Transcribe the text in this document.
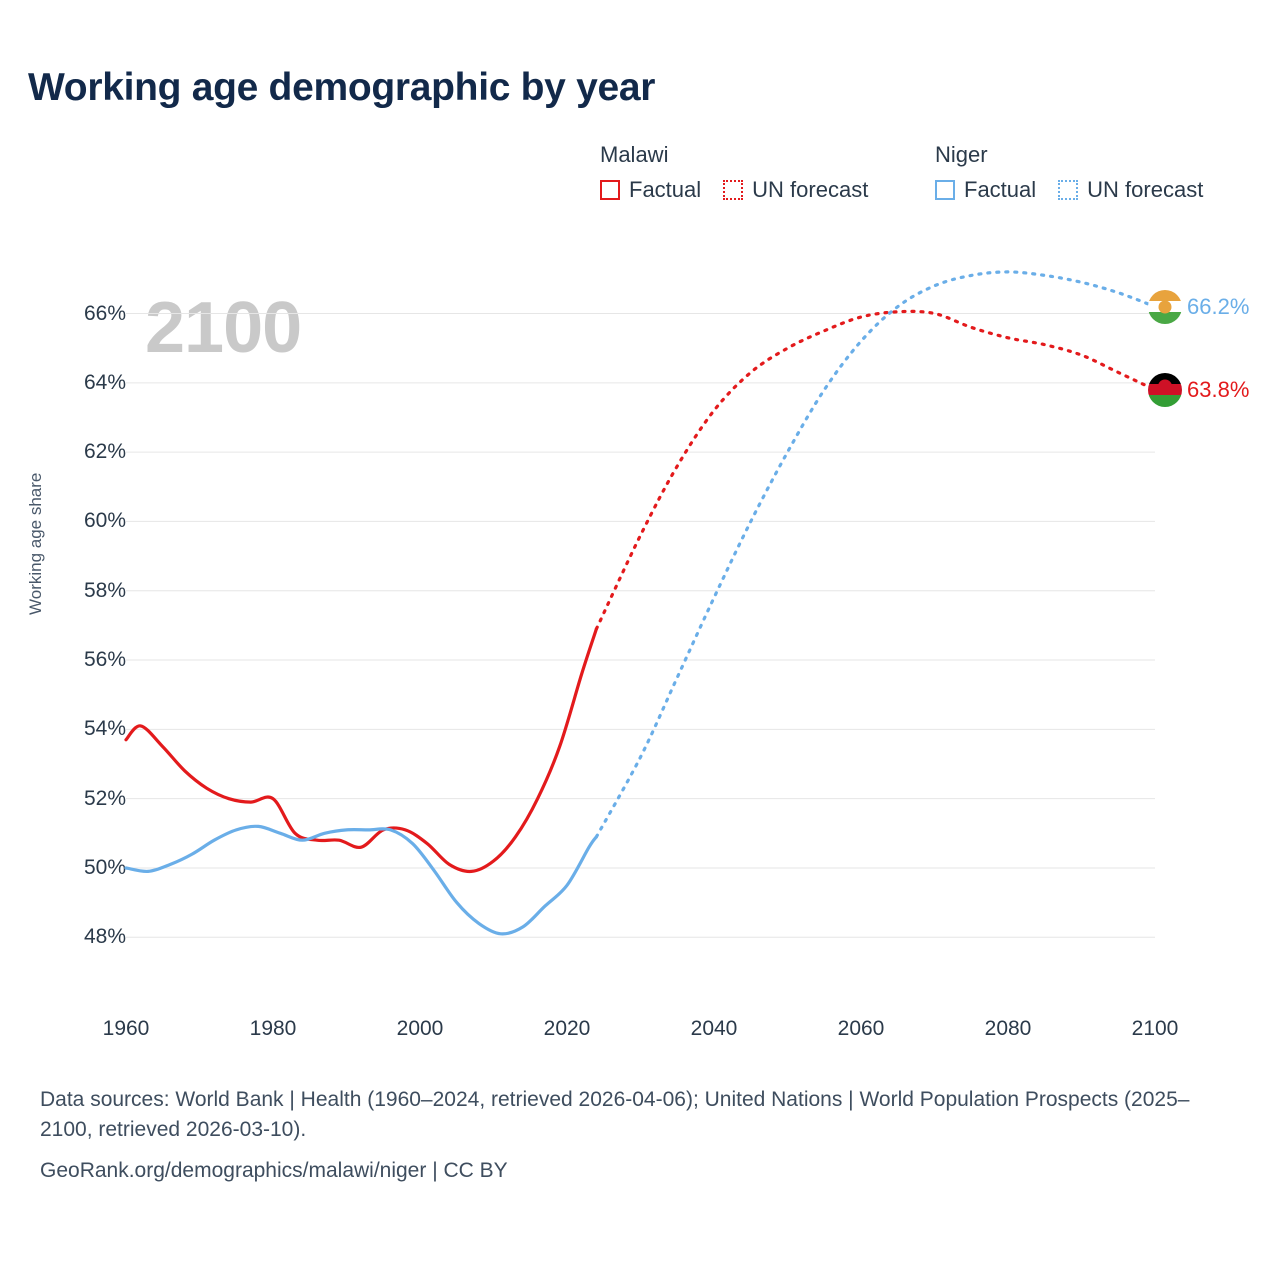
Working age demographic by year
Malawi
Factual UN forecast
Niger
Factual UN forecast
2100
Working age share
48%
50%
52%
54%
56%
58%
60%
62%
64%
66%
1960	1980	2000	2020	2040	2060	2080	2100
66.2%
63.8%
Data sources: World Bank | Health (1960–2024, retrieved 2026-04-06); United Nations | World Population Prospects (2025–2100, retrieved 2026-03-10).
GeoRank.org/demographics/malawi/niger | CC BY
